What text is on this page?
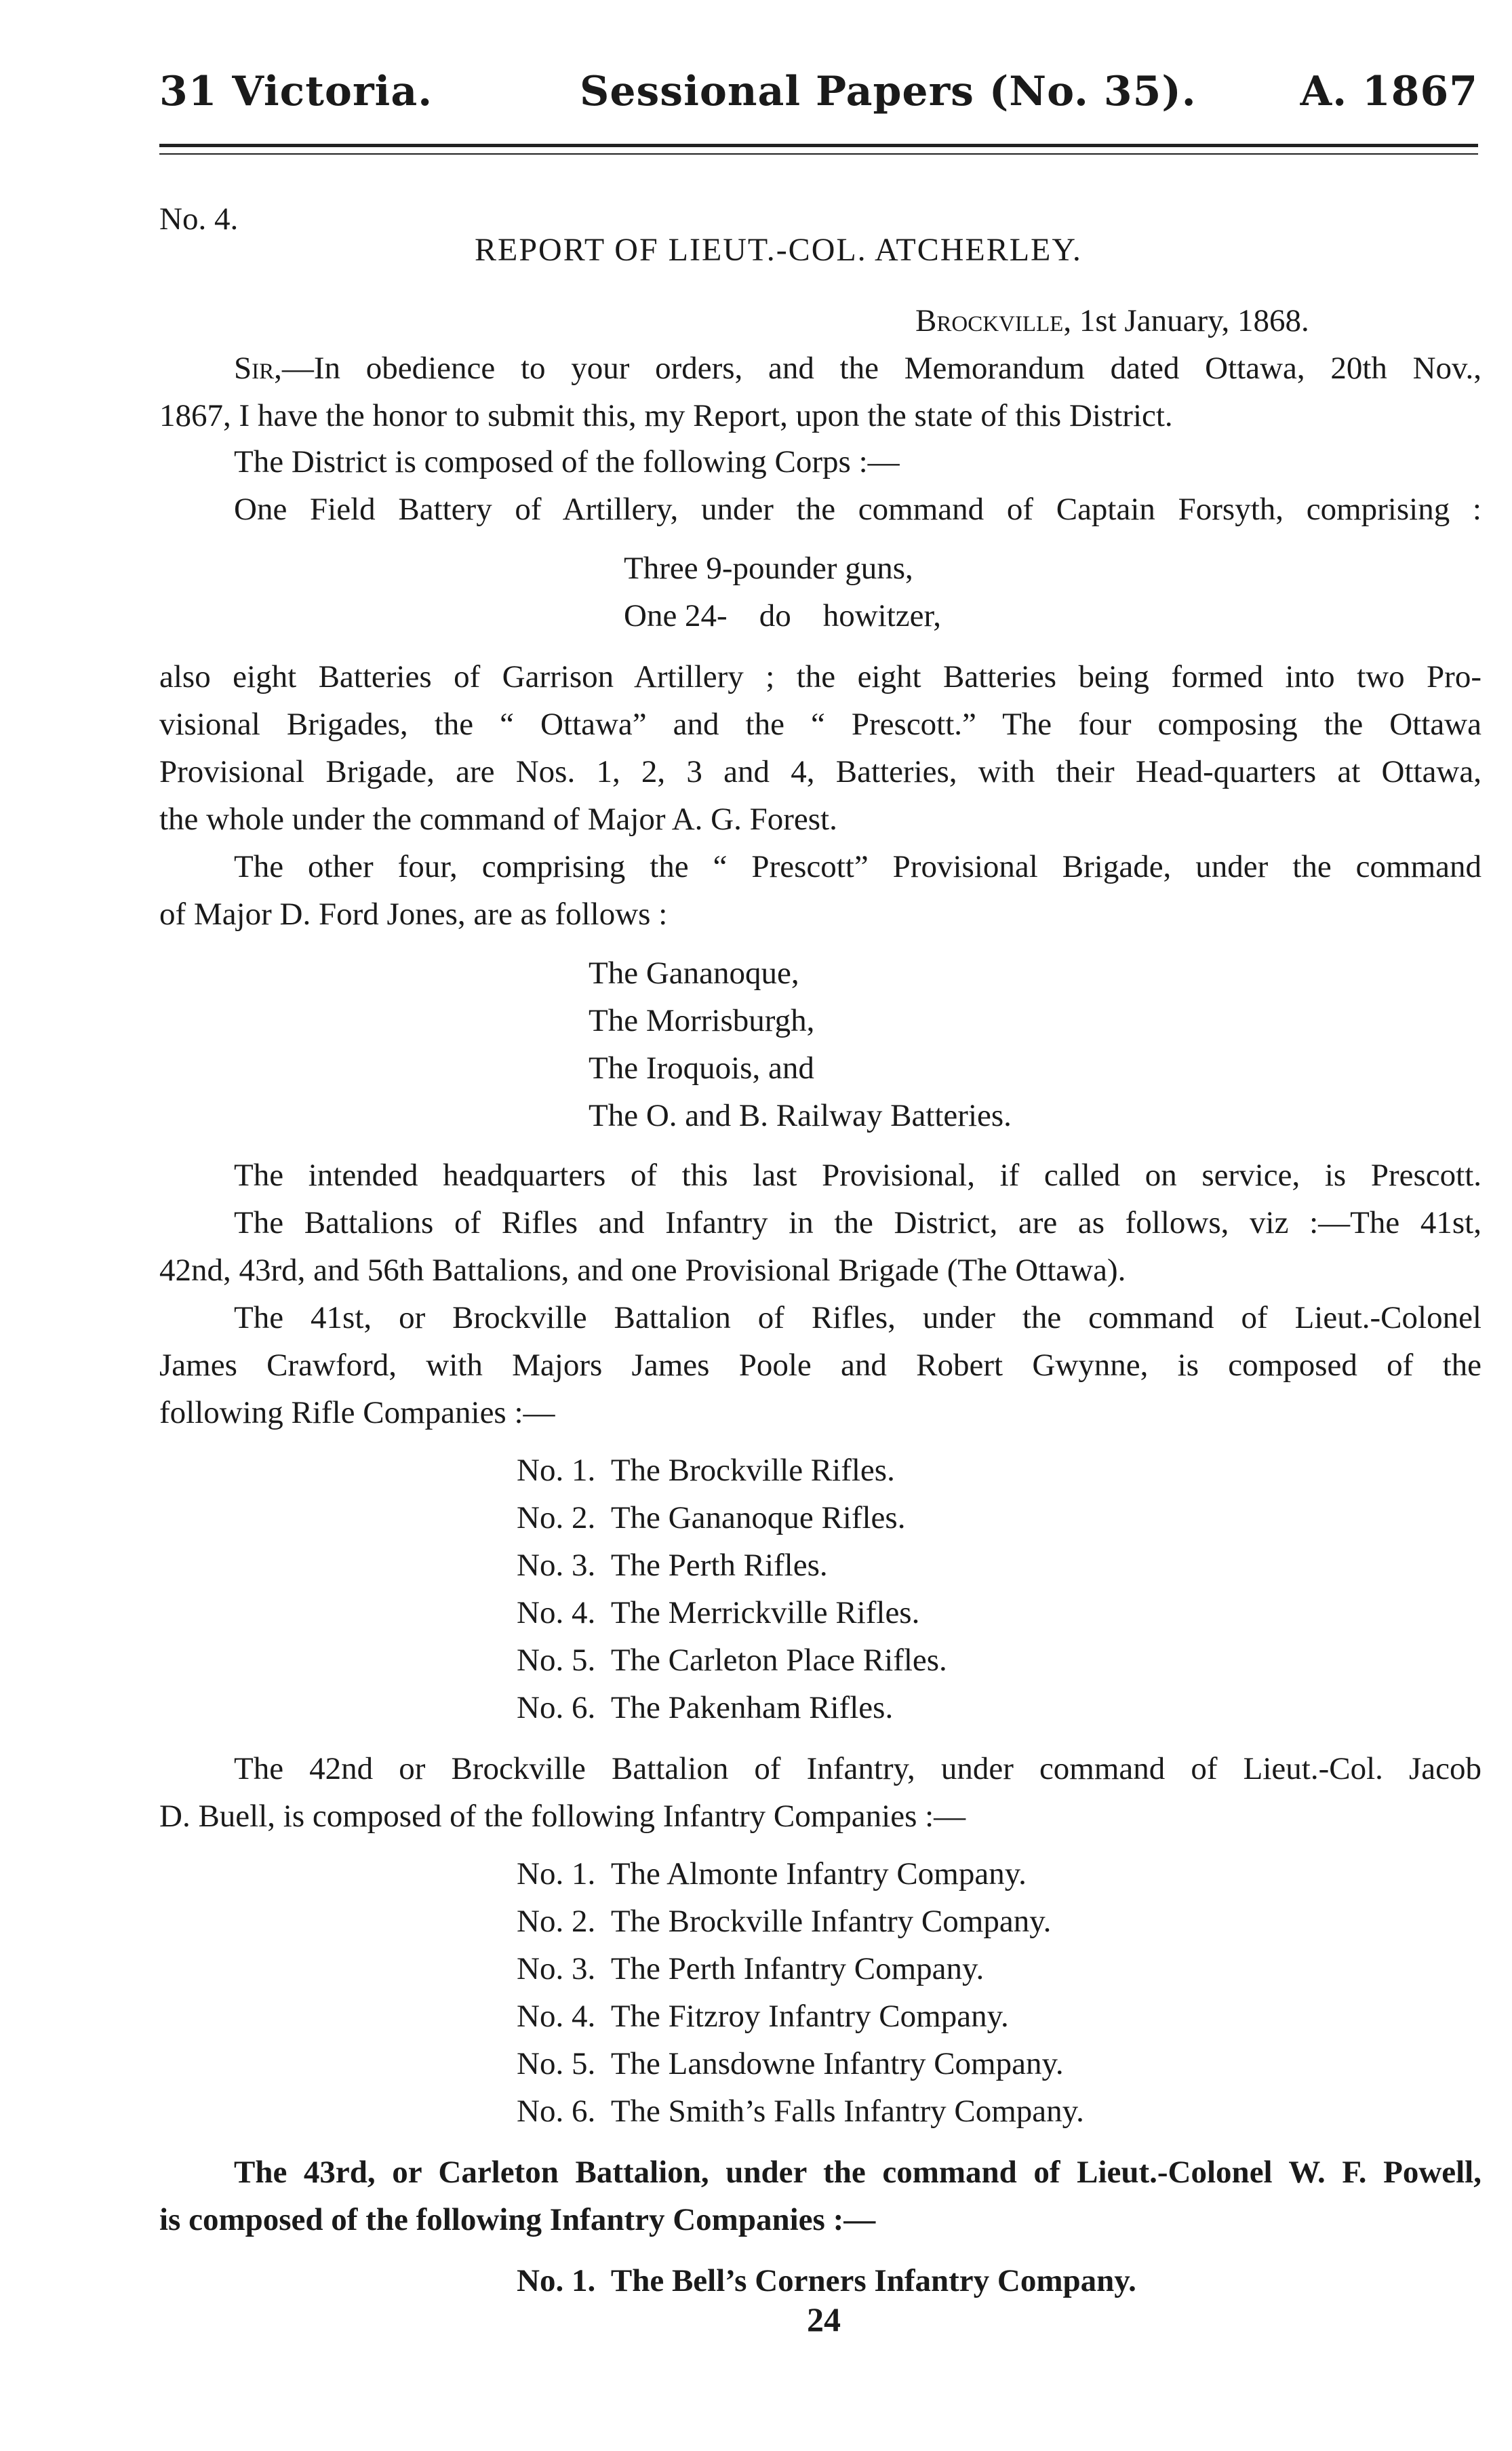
31 Victoria.	Sessional Papers (No. 35).	A. 1867
No. 4.
REPORT OF LIEUT.-COL. ATCHERLEY.
Brockville, 1st January, 1868.
Sir,—In obedience to your orders, and the Memorandum dated Ottawa, 20th Nov.,
1867, I have the honor to submit this, my Report, upon the state of this District.
The District is composed of the following Corps :—
One Field Battery of Artillery, under the command of Captain Forsyth, comprising :
Three 9-pounder guns,
One 24-    do    howitzer,
also eight Batteries of Garrison Artillery ; the eight Batteries being formed into two Pro-
visional Brigades, the “ Ottawa” and the “ Prescott.” The four composing the Ottawa
Provisional Brigade, are Nos. 1, 2, 3 and 4, Batteries, with their Head-quarters at Ottawa,
the whole under the command of Major A. G. Forest.
The other four, comprising the “ Prescott” Provisional Brigade, under the command
of Major D. Ford Jones, are as follows :
The Gananoque,
The Morrisburgh,
The Iroquois, and
The O. and B. Railway Batteries.
The intended headquarters of this last Provisional, if called on service, is Prescott.
The Battalions of Rifles and Infantry in the District, are as follows, viz :—The 41st,
42nd, 43rd, and 56th Battalions, and one Provisional Brigade (The Ottawa).
The 41st, or Brockville Battalion of Rifles, under the command of Lieut.-Colonel
James Crawford, with Majors James Poole and Robert Gwynne, is composed of the
following Rifle Companies :—
No. 1.  The Brockville Rifles.
No. 2.  The Gananoque Rifles.
No. 3.  The Perth Rifles.
No. 4.  The Merrickville Rifles.
No. 5.  The Carleton Place Rifles.
No. 6.  The Pakenham Rifles.
The 42nd or Brockville Battalion of Infantry, under command of Lieut.-Col. Jacob
D. Buell, is composed of the following Infantry Companies :—
No. 1.  The Almonte Infantry Company.
No. 2.  The Brockville Infantry Company.
No. 3.  The Perth Infantry Company.
No. 4.  The Fitzroy Infantry Company.
No. 5.  The Lansdowne Infantry Company.
No. 6.  The Smith’s Falls Infantry Company.
The 43rd, or Carleton Battalion, under the command of Lieut.-Colonel W. F. Powell,
is composed of the following Infantry Companies :—
No. 1.  The Bell’s Corners Infantry Company.
24
